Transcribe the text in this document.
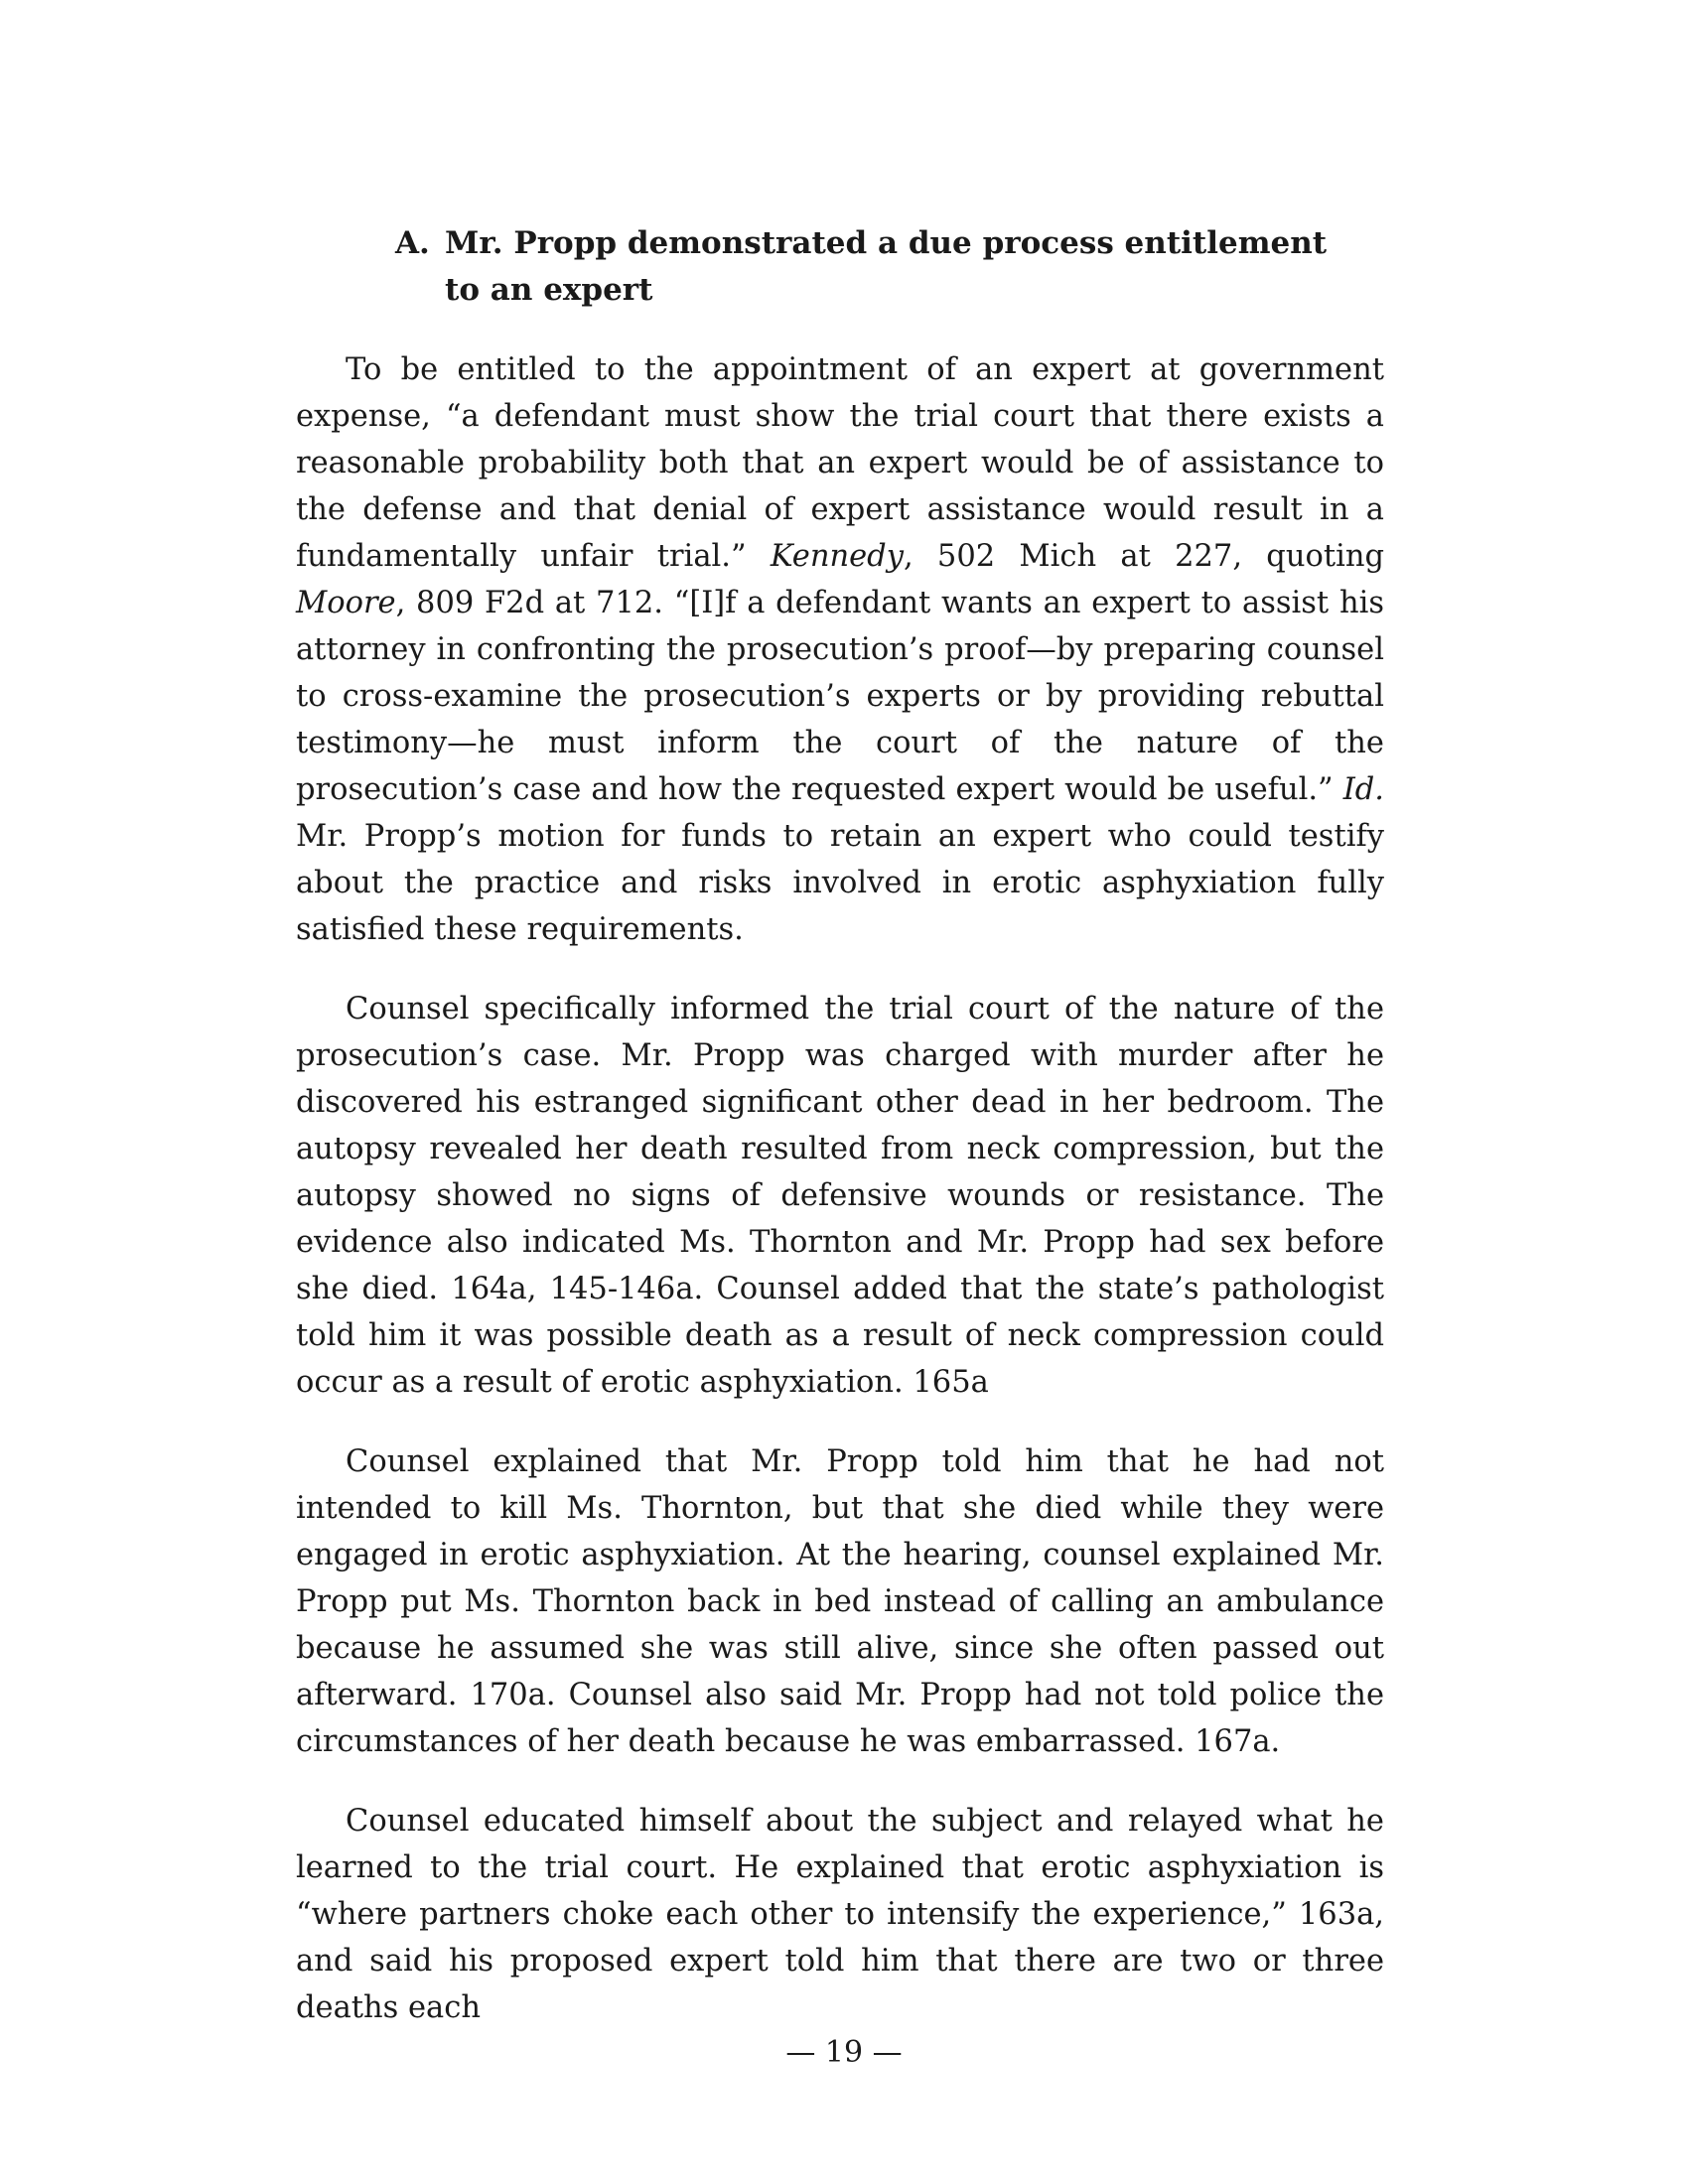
A. Mr. Propp demonstrated a due process entitlement to an expert

To be entitled to the appointment of an expert at government expense, “a defendant must show the trial court that there exists a reasonable probability both that an expert would be of assistance to the defense and that denial of expert assistance would result in a fundamentally unfair trial.” Kennedy, 502 Mich at 227, quoting Moore, 809 F2d at 712. “[I]f a defendant wants an expert to assist his attorney in confronting the prosecution’s proof—by preparing counsel to cross-examine the prosecution’s experts or by providing rebuttal testimony—he must inform the court of the nature of the prosecution’s case and how the requested expert would be useful.” Id. Mr. Propp’s motion for funds to retain an expert who could testify about the practice and risks involved in erotic asphyxiation fully satisfied these requirements.

Counsel specifically informed the trial court of the nature of the prosecution’s case. Mr. Propp was charged with murder after he discovered his estranged significant other dead in her bedroom. The autopsy revealed her death resulted from neck compression, but the autopsy showed no signs of defensive wounds or resistance. The evidence also indicated Ms. Thornton and Mr. Propp had sex before she died. 164a, 145-146a. Counsel added that the state’s pathologist told him it was possible death as a result of neck compression could occur as a result of erotic asphyxiation. 165a

Counsel explained that Mr. Propp told him that he had not intended to kill Ms. Thornton, but that she died while they were engaged in erotic asphyxiation. At the hearing, counsel explained Mr. Propp put Ms. Thornton back in bed instead of calling an ambulance because he assumed she was still alive, since she often passed out afterward. 170a. Counsel also said Mr. Propp had not told police the circumstances of her death because he was embarrassed. 167a.

Counsel educated himself about the subject and relayed what he learned to the trial court. He explained that erotic asphyxiation is “where partners choke each other to intensify the experience,” 163a, and said his proposed expert told him that there are two or three deaths each

— 19 —
